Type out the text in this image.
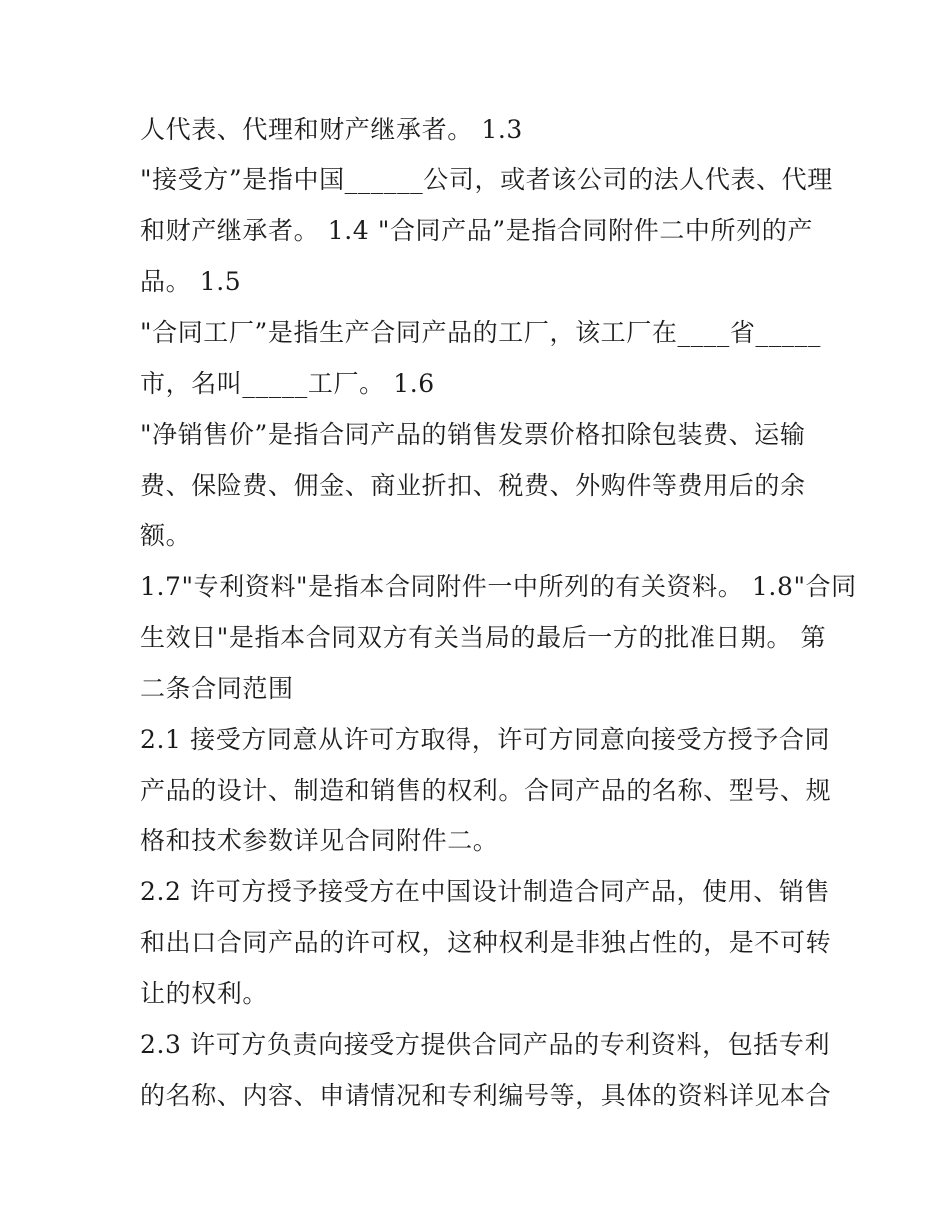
人代表、代理和财产继承者。 1.3
"接受方”是指中国______公司，或者该公司的法人代表、代理
和财产继承者。 1.4 "合同产品”是指合同附件二中所列的产
品。 1.5
"合同工厂”是指生产合同产品的工厂，该工厂在____省_____
市，名叫_____工厂。 1.6
"净销售价”是指合同产品的销售发票价格扣除包装费、运输
费、保险费、佣金、商业折扣、税费、外购件等费用后的余
额。
1.7"专利资料"是指本合同附件一中所列的有关资料。 1.8"合同
生效日"是指本合同双方有关当局的最后一方的批准日期。 第
二条合同范围
2.1 接受方同意从许可方取得，许可方同意向接受方授予合同
产品的设计、制造和销售的权利。合同产品的名称、型号、规
格和技术参数详见合同附件二。
2.2 许可方授予接受方在中国设计制造合同产品，使用、销售
和出口合同产品的许可权，这种权利是非独占性的，是不可转
让的权利。
2.3 许可方负责向接受方提供合同产品的专利资料，包括专利
的名称、内容、申请情况和专利编号等，具体的资料详见本合
